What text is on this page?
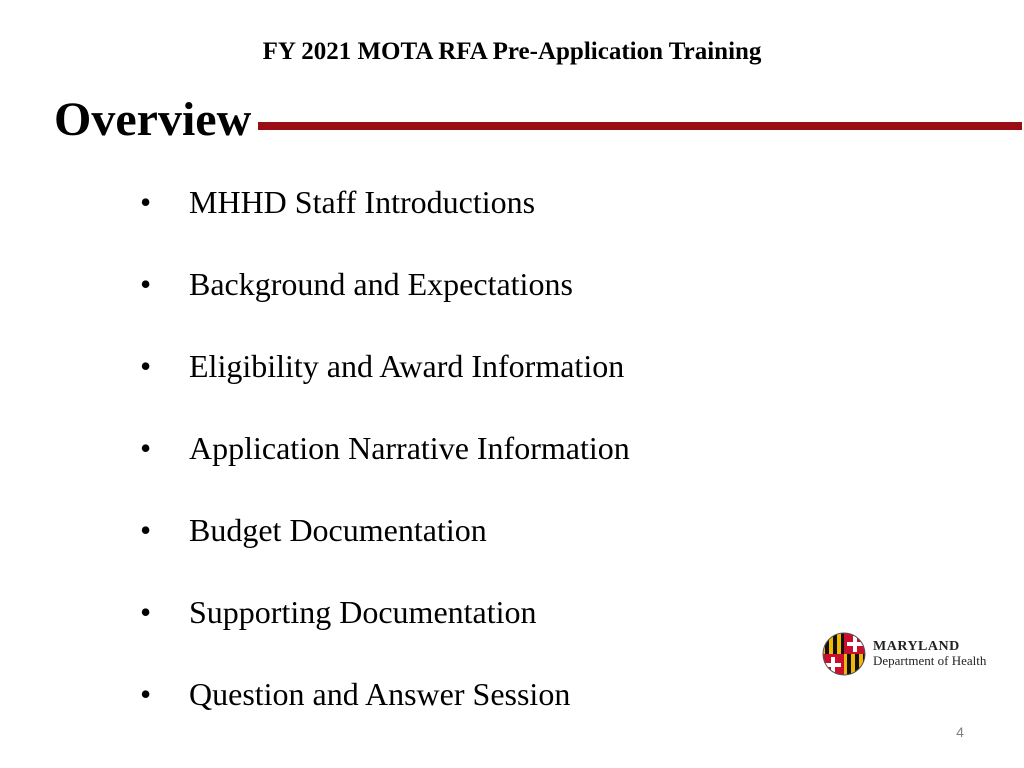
FY 2021 MOTA RFA Pre-Application Training
Overview
• MHHD Staff Introductions
• Background and Expectations
• Eligibility and Award Information
• Application Narrative Information
• Budget Documentation
• Supporting Documentation
• Question and Answer Session
MARYLAND
Department of Health
4
